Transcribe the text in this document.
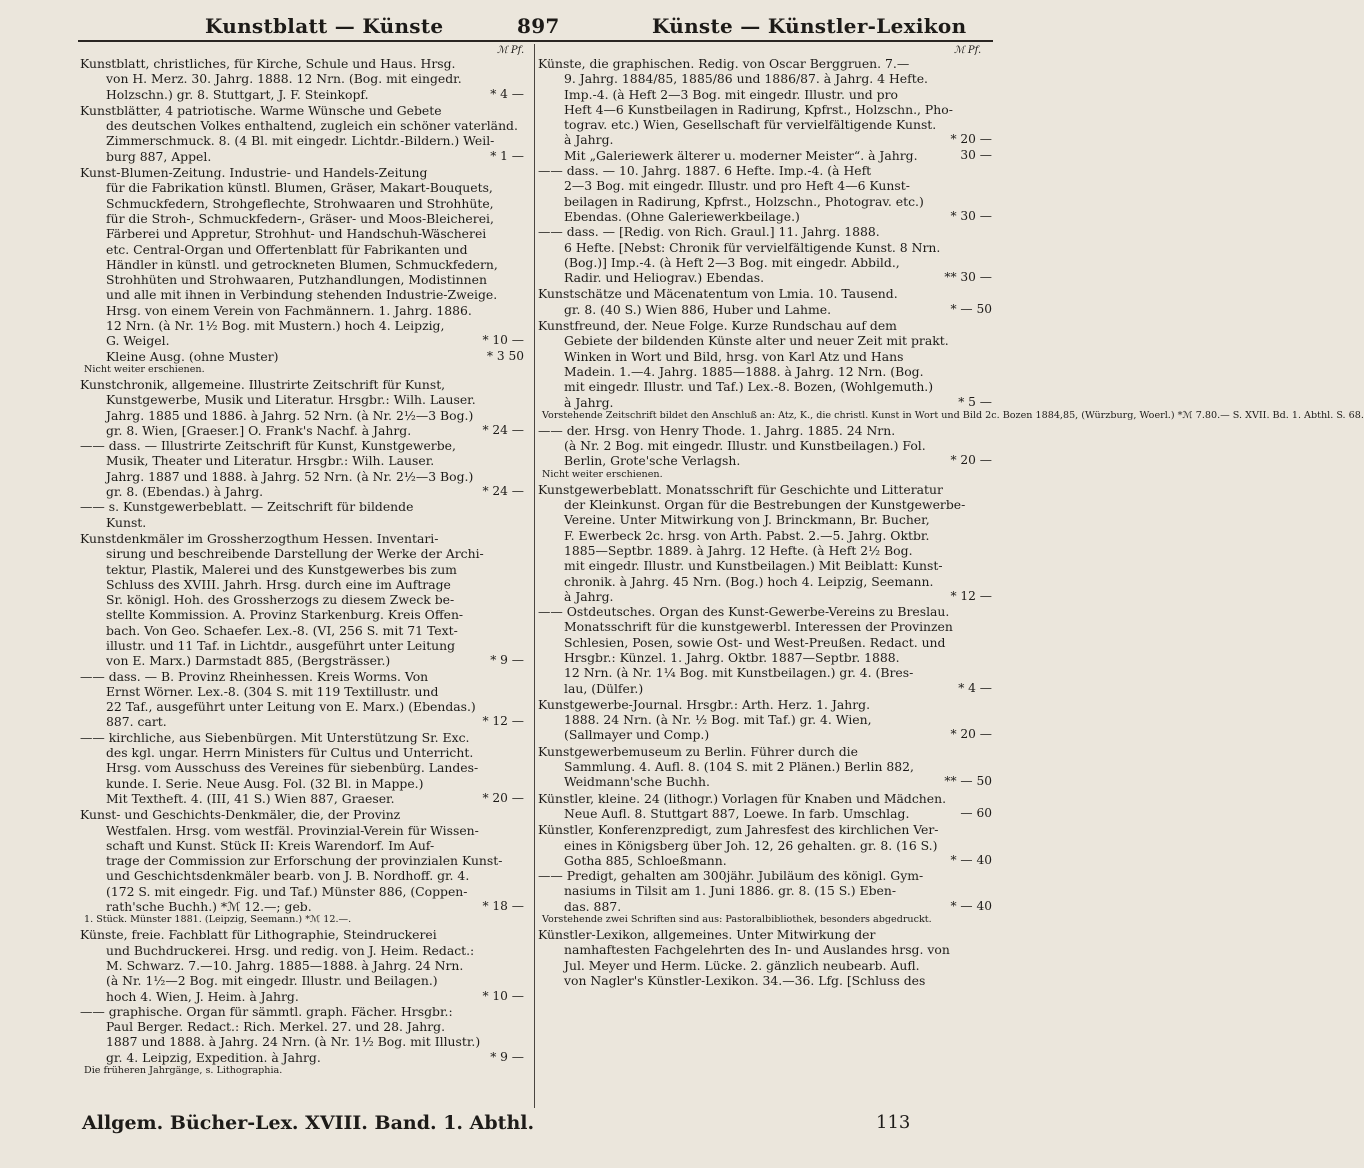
Kunstblatt — Künste	897	Künste — Künstler-Lexikon
ℳ Pf.	ℳ Pf.
Kunstblatt, christliches, für Kirche, Schule und Haus. Hrsg.
von H. Merz. 30. Jahrg. 1888. 12 Nrn. (Bog. mit eingedr.
Holzschn.) gr. 8. Stuttgart, J. F. Steinkopf.	* 4 —
Kunstblätter, 4 patriotische. Warme Wünsche und Gebete
des deutschen Volkes enthaltend, zugleich ein schöner vaterländ.
Zimmerschmuck. 8. (4 Bl. mit eingedr. Lichtdr.-Bildern.) Weil-
burg 887, Appel.	* 1 —
Kunst-Blumen-Zeitung. Industrie- und Handels-Zeitung
für die Fabrikation künstl. Blumen, Gräser, Makart-Bouquets,
Schmuckfedern, Strohgeflechte, Strohwaaren und Strohhüte,
für die Stroh-, Schmuckfedern-, Gräser- und Moos-Bleicherei,
Färberei und Appretur, Strohhut- und Handschuh-Wäscherei
etc. Central-Organ und Offertenblatt für Fabrikanten und
Händler in künstl. und getrockneten Blumen, Schmuckfedern,
Strohhüten und Strohwaaren, Putzhandlungen, Modistinnen
und alle mit ihnen in Verbindung stehenden Industrie-Zweige.
Hrsg. von einem Verein von Fachmännern. 1. Jahrg. 1886.
12 Nrn. (à Nr. 1½ Bog. mit Mustern.) hoch 4. Leipzig,
G. Weigel.	* 10 —
Kleine Ausg. (ohne Muster)	* 3 50
Nicht weiter erschienen.
Kunstchronik, allgemeine. Illustrirte Zeitschrift für Kunst,
Kunstgewerbe, Musik und Literatur. Hrsgbr.: Wilh. Lauser.
Jahrg. 1885 und 1886. à Jahrg. 52 Nrn. (à Nr. 2½—3 Bog.)
gr. 8. Wien, [Graeser.] O. Frank's Nachf. à Jahrg.	* 24 —
—— dass. — Illustrirte Zeitschrift für Kunst, Kunstgewerbe,
Musik, Theater und Literatur. Hrsgbr.: Wilh. Lauser.
Jahrg. 1887 und 1888. à Jahrg. 52 Nrn. (à Nr. 2½—3 Bog.)
gr. 8. (Ebendas.) à Jahrg.	* 24 —
—— s. Kunstgewerbeblatt. — Zeitschrift für bildende
Kunst.
Kunstdenkmäler im Grossherzogthum Hessen. Inventari-
sirung und beschreibende Darstellung der Werke der Archi-
tektur, Plastik, Malerei und des Kunstgewerbes bis zum
Schluss des XVIII. Jahrh. Hrsg. durch eine im Auftrage
Sr. königl. Hoh. des Grossherzogs zu diesem Zweck be-
stellte Kommission. A. Provinz Starkenburg. Kreis Offen-
bach. Von Geo. Schaefer. Lex.-8. (VI, 256 S. mit 71 Text-
illustr. und 11 Taf. in Lichtdr., ausgeführt unter Leitung
von E. Marx.) Darmstadt 885, (Bergsträsser.)	* 9 —
—— dass. — B. Provinz Rheinhessen. Kreis Worms. Von
Ernst Wörner. Lex.-8. (304 S. mit 119 Textillustr. und
22 Taf., ausgeführt unter Leitung von E. Marx.) (Ebendas.)
887. cart.	* 12 —
—— kirchliche, aus Siebenbürgen. Mit Unterstützung Sr. Exc.
des kgl. ungar. Herrn Ministers für Cultus und Unterricht.
Hrsg. vom Ausschuss des Vereines für siebenbürg. Landes-
kunde. I. Serie. Neue Ausg. Fol. (32 Bl. in Mappe.)
Mit Textheft. 4. (III, 41 S.) Wien 887, Graeser.	* 20 —
Kunst- und Geschichts-Denkmäler, die, der Provinz
Westfalen. Hrsg. vom westfäl. Provinzial-Verein für Wissen-
schaft und Kunst. Stück II: Kreis Warendorf. Im Auf-
trage der Commission zur Erforschung der provinzialen Kunst-
und Geschichtsdenkmäler bearb. von J. B. Nordhoff. gr. 4.
(172 S. mit eingedr. Fig. und Taf.) Münster 886, (Coppen-
rath'sche Buchh.) *ℳ 12.—; geb.	* 18 —
1. Stück. Münster 1881. (Leipzig, Seemann.) *ℳ 12.—.
Künste, freie. Fachblatt für Lithographie, Steindruckerei
und Buchdruckerei. Hrsg. und redig. von J. Heim. Redact.:
M. Schwarz. 7.—10. Jahrg. 1885—1888. à Jahrg. 24 Nrn.
(à Nr. 1½—2 Bog. mit eingedr. Illustr. und Beilagen.)
hoch 4. Wien, J. Heim. à Jahrg.	* 10 —
—— graphische. Organ für sämmtl. graph. Fächer. Hrsgbr.:
Paul Berger. Redact.: Rich. Merkel. 27. und 28. Jahrg.
1887 und 1888. à Jahrg. 24 Nrn. (à Nr. 1½ Bog. mit Illustr.)
gr. 4. Leipzig, Expedition. à Jahrg.	* 9 —
Die früheren Jahrgänge, s. Lithographia.
Künste, die graphischen. Redig. von Oscar Berggruen. 7.—
9. Jahrg. 1884/85, 1885/86 und 1886/87. à Jahrg. 4 Hefte.
Imp.-4. (à Heft 2—3 Bog. mit eingedr. Illustr. und pro
Heft 4—6 Kunstbeilagen in Radirung, Kpfrst., Holzschn., Pho-
tograv. etc.) Wien, Gesellschaft für vervielfältigende Kunst.
à Jahrg.	* 20 —
Mit „Galeriewerk älterer u. moderner Meister“. à Jahrg.	30 —
—— dass. — 10. Jahrg. 1887. 6 Hefte. Imp.-4. (à Heft
2—3 Bog. mit eingedr. Illustr. und pro Heft 4—6 Kunst-
beilagen in Radirung, Kpfrst., Holzschn., Photograv. etc.)
Ebendas. (Ohne Galeriewerkbeilage.)	* 30 —
—— dass. — [Redig. von Rich. Graul.] 11. Jahrg. 1888.
6 Hefte. [Nebst: Chronik für vervielfältigende Kunst. 8 Nrn.
(Bog.)] Imp.-4. (à Heft 2—3 Bog. mit eingedr. Abbild.,
Radir. und Heliograv.) Ebendas.	** 30 —
Kunstschätze und Mäcenatentum von Lmia. 10. Tausend.
gr. 8. (40 S.) Wien 886, Huber und Lahme.	* — 50
Kunstfreund, der. Neue Folge. Kurze Rundschau auf dem
Gebiete der bildenden Künste alter und neuer Zeit mit prakt.
Winken in Wort und Bild, hrsg. von Karl Atz und Hans
Madein. 1.—4. Jahrg. 1885—1888. à Jahrg. 12 Nrn. (Bog.
mit eingedr. Illustr. und Taf.) Lex.-8. Bozen, (Wohlgemuth.)
à Jahrg.	* 5 —
Vorstehende Zeitschrift bildet den Anschluß an: Atz, K., die christl. Kunst in Wort und Bild 2c. Bozen 1884,85, (Würzburg, Woerl.) *ℳ 7.80.— S. XVII. Bd. 1. Abthl. S. 68.
—— der. Hrsg. von Henry Thode. 1. Jahrg. 1885. 24 Nrn.
(à Nr. 2 Bog. mit eingedr. Illustr. und Kunstbeilagen.) Fol.
Berlin, Grote'sche Verlagsh.	* 20 —
Nicht weiter erschienen.
Kunstgewerbeblatt. Monatsschrift für Geschichte und Litteratur
der Kleinkunst. Organ für die Bestrebungen der Kunstgewerbe-
Vereine. Unter Mitwirkung von J. Brinckmann, Br. Bucher,
F. Ewerbeck 2c. hrsg. von Arth. Pabst. 2.—5. Jahrg. Oktbr.
1885—Septbr. 1889. à Jahrg. 12 Hefte. (à Heft 2½ Bog.
mit eingedr. Illustr. und Kunstbeilagen.) Mit Beiblatt: Kunst-
chronik. à Jahrg. 45 Nrn. (Bog.) hoch 4. Leipzig, Seemann.
à Jahrg.	* 12 —
—— Ostdeutsches. Organ des Kunst-Gewerbe-Vereins zu Breslau.
Monatsschrift für die kunstgewerbl. Interessen der Provinzen
Schlesien, Posen, sowie Ost- und West-Preußen. Redact. und
Hrsgbr.: Künzel. 1. Jahrg. Oktbr. 1887—Septbr. 1888.
12 Nrn. (à Nr. 1¼ Bog. mit Kunstbeilagen.) gr. 4. (Bres-
lau, (Dülfer.)	* 4 —
Kunstgewerbe-Journal. Hrsgbr.: Arth. Herz. 1. Jahrg.
1888. 24 Nrn. (à Nr. ½ Bog. mit Taf.) gr. 4. Wien,
(Sallmayer und Comp.)	* 20 —
Kunstgewerbemuseum zu Berlin. Führer durch die
Sammlung. 4. Aufl. 8. (104 S. mit 2 Plänen.) Berlin 882,
Weidmann'sche Buchh.	** — 50
Künstler, kleine. 24 (lithogr.) Vorlagen für Knaben und Mädchen.
Neue Aufl. 8. Stuttgart 887, Loewe. In farb. Umschlag.	— 60
Künstler, Konferenzpredigt, zum Jahresfest des kirchlichen Ver-
eines in Königsberg über Joh. 12, 26 gehalten. gr. 8. (16 S.)
Gotha 885, Schloeßmann.	* — 40
—— Predigt, gehalten am 300jähr. Jubiläum des königl. Gym-
nasiums in Tilsit am 1. Juni 1886. gr. 8. (15 S.) Eben-
das. 887.	* — 40
Vorstehende zwei Schriften sind aus: Pastoralbibliothek, besonders abgedruckt.
Künstler-Lexikon, allgemeines. Unter Mitwirkung der
namhaftesten Fachgelehrten des In- und Auslandes hrsg. von
Jul. Meyer und Herm. Lücke. 2. gänzlich neubearb. Aufl.
von Nagler's Künstler-Lexikon. 34.—36. Lfg. [Schluss des
Allgem. Bücher-Lex. XVIII. Band. 1. Abthl.	113
